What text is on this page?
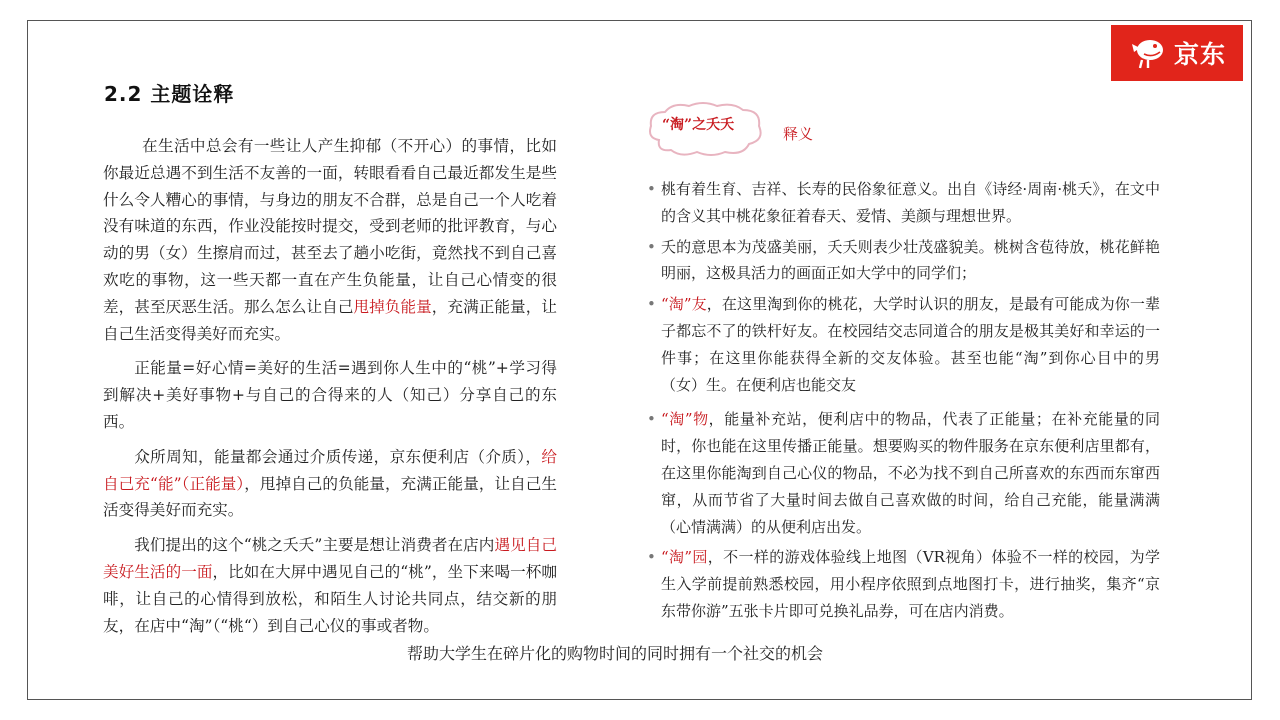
京东
2.2 主题诠释

在生活中总会有一些让人产生抑郁（不开心）的事情，比如你最近总遇不到生活不友善的一面，转眼看看自己最近都发生是些什么令人糟心的事情，与身边的朋友不合群，总是自己一个人吃着没有味道的东西，作业没能按时提交，受到老师的批评教育，与心动的男（女）生擦肩而过，甚至去了趟小吃街，竟然找不到自己喜欢吃的事物，这一些天都一直在产生负能量，让自己心情变的很差，甚至厌恶生活。那么怎么让自己甩掉负能量，充满正能量，让自己生活变得美好而充实。

正能量=好心情=美好的生活=遇到你人生中的“桃”+学习得到解决+美好事物+与自己的合得来的人（知己）分享自己的东西。

众所周知，能量都会通过介质传递，京东便利店（介质），给自己充“能”（正能量），甩掉自己的负能量，充满正能量，让自己生活变得美好而充实。

我们提出的这个“桃之夭夭”主要是想让消费者在店内遇见自己美好生活的一面，比如在大屏中遇见自己的“桃”，坐下来喝一杯咖啡，让自己的心情得到放松，和陌生人讨论共同点，结交新的朋友，在店中“淘”（“桃“）到自己心仪的事或者物。

“淘”之夭夭	释义
• 桃有着生育、吉祥、长寿的民俗象征意义。出自《诗经·周南·桃夭》，在文中的含义其中桃花象征着春天、爱情、美颜与理想世界。
• 夭的意思本为茂盛美丽，夭夭则表少壮茂盛貌美。桃树含苞待放，桃花鲜艳明丽，这极具活力的画面正如大学中的同学们；
• “淘”友，在这里淘到你的桃花，大学时认识的朋友，是最有可能成为你一辈子都忘不了的铁杆好友。在校园结交志同道合的朋友是极其美好和幸运的一件事；在这里你能获得全新的交友体验。甚至也能“淘”到你心目中的男（女）生。在便利店也能交友
• “淘”物，能量补充站，便利店中的物品，代表了正能量；在补充能量的同时，你也能在这里传播正能量。想要购买的物件服务在京东便利店里都有，在这里你能淘到自己心仪的物品，不必为找不到自己所喜欢的东西而东窜西窜，从而节省了大量时间去做自己喜欢做的时间，给自己充能，能量满满（心情满满）的从便利店出发。
• “淘”园，不一样的游戏体验线上地图（VR视角）体验不一样的校园，为学生入学前提前熟悉校园，用小程序依照到点地图打卡，进行抽奖，集齐“京东带你游”五张卡片即可兑换礼品券，可在店内消费。
帮助大学生在碎片化的购物时间的同时拥有一个社交的机会
